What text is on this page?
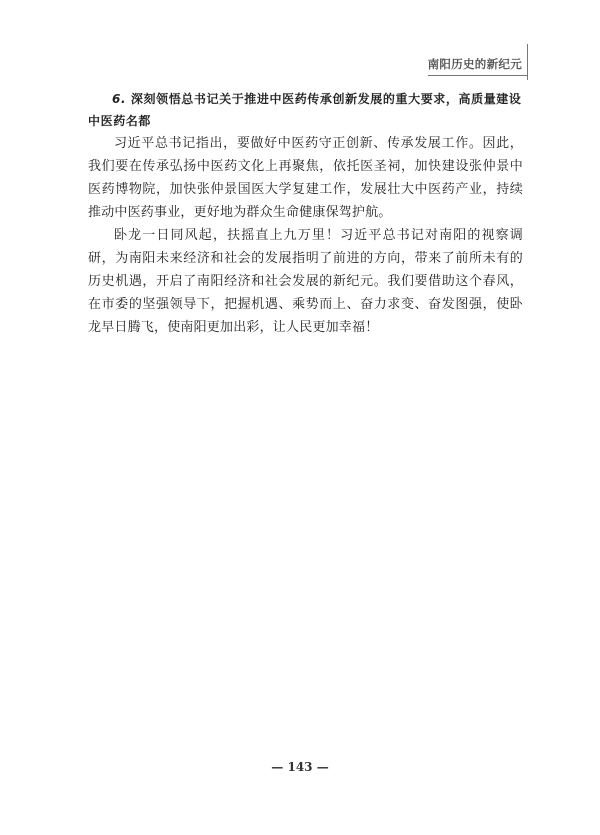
南阳历史的新纪元
6. 深刻领悟总书记关于推进中医药传承创新发展的重大要求，高质量建设中医药名都

习近平总书记指出，要做好中医药守正创新、传承发展工作。因此，我们要在传承弘扬中医药文化上再聚焦，依托医圣祠，加快建设张仲景中医药博物院，加快张仲景国医大学复建工作，发展壮大中医药产业，持续推动中医药事业，更好地为群众生命健康保驾护航。

卧龙一日同风起，扶摇直上九万里！习近平总书记对南阳的视察调研，为南阳未来经济和社会的发展指明了前进的方向，带来了前所未有的历史机遇，开启了南阳经济和社会发展的新纪元。我们要借助这个春风，在市委的坚强领导下，把握机遇、乘势而上、奋力求变、奋发图强，使卧龙早日腾飞，使南阳更加出彩，让人民更加幸福！

— 143 —
